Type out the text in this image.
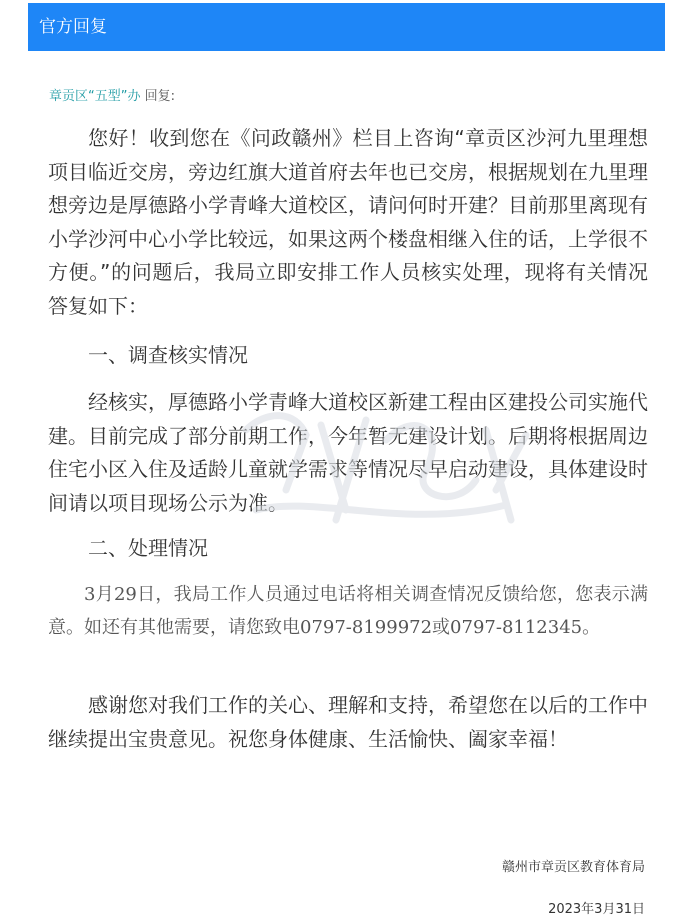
官方回复
章贡区“五型”办 回复:

您好！收到您在《问政赣州》栏目上咨询“章贡区沙河九里理想项目临近交房，旁边红旗大道首府去年也已交房，根据规划在九里理想旁边是厚德路小学青峰大道校区，请问何时开建？目前那里离现有小学沙河中心小学比较远，如果这两个楼盘相继入住的话，上学很不方便。”的问题后，我局立即安排工作人员核实处理，现将有关情况答复如下：

一、调查核实情况

经核实，厚德路小学青峰大道校区新建工程由区建投公司实施代建。目前完成了部分前期工作，今年暂无建设计划。后期将根据周边住宅小区入住及适龄儿童就学需求等情况尽早启动建设，具体建设时间请以项目现场公示为准。

二、处理情况

3月29日，我局工作人员通过电话将相关调查情况反馈给您，您表示满意。如还有其他需要，请您致电0797-8199972或0797-8112345。

感谢您对我们工作的关心、理解和支持，希望您在以后的工作中继续提出宝贵意见。祝您身体健康、生活愉快、阖家幸福！

赣州市章贡区教育体育局
2023年3月31日
